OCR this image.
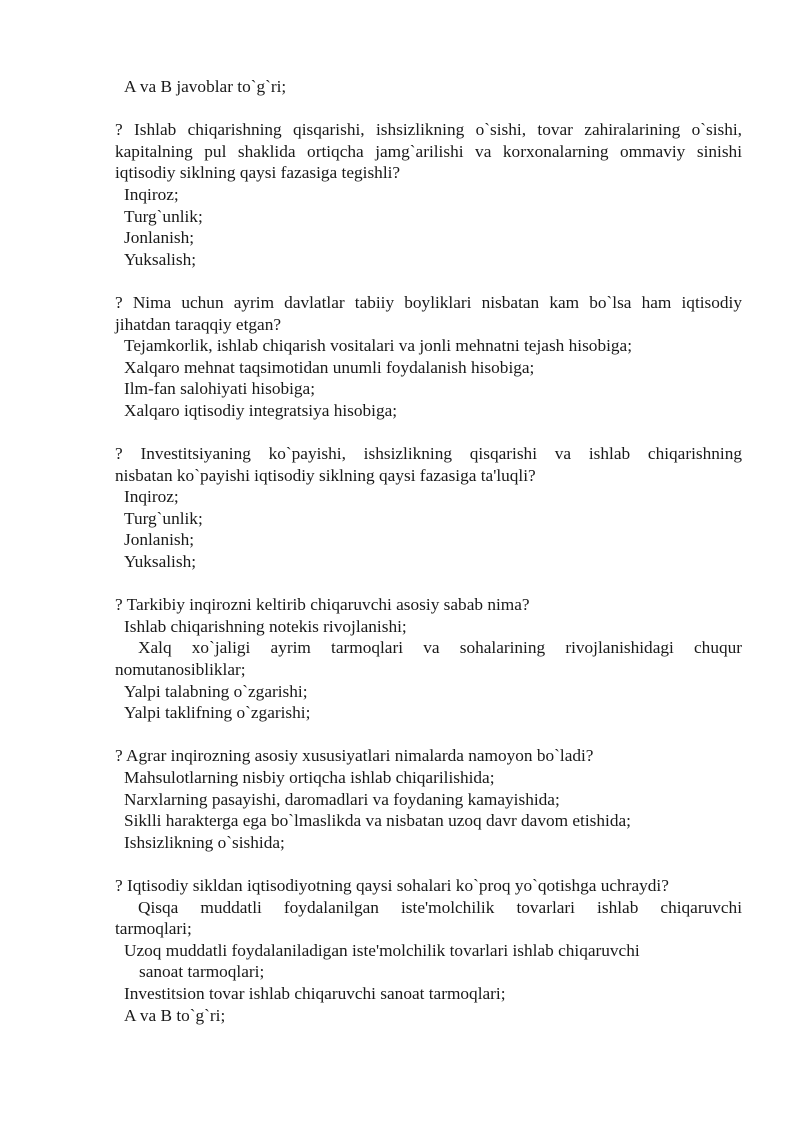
A va B javoblar to`g`ri;

? Ishlab chiqarishning qisqarishi, ishsizlikning o`sishi, tovar zahiralarining o`sishi,

kapitalning pul shaklida ortiqcha jamg`arilishi va korxonalarning ommaviy sinishi

iqtisodiy siklning qaysi fazasiga tegishli?

Inqiroz;

Turg`unlik;

Jonlanish;

Yuksalish;

? Nima uchun ayrim davlatlar tabiiy boyliklari nisbatan kam bo`lsa ham iqtisodiy

jihatdan taraqqiy etgan?

Tejamkorlik, ishlab chiqarish vositalari va jonli mehnatni tejash hisobiga;

Xalqaro mehnat taqsimotidan unumli foydalanish hisobiga;

Ilm-fan salohiyati hisobiga;

Xalqaro iqtisodiy integratsiya hisobiga;

? Investitsiyaning ko`payishi, ishsizlikning qisqarishi va ishlab chiqarishning

nisbatan ko`payishi iqtisodiy siklning qaysi fazasiga ta'luqli?

Inqiroz;

Turg`unlik;

Jonlanish;

Yuksalish;

? Tarkibiy inqirozni keltirib chiqaruvchi asosiy sabab nima?

Ishlab chiqarishning notekis rivojlanishi;

Xalq xo`jaligi ayrim tarmoqlari va sohalarining rivojlanishidagi chuqur

nomutanosibliklar;

Yalpi talabning o`zgarishi;

Yalpi taklifning o`zgarishi;

? Agrar inqirozning asosiy xususiyatlari nimalarda namoyon bo`ladi?

Mahsulotlarning nisbiy ortiqcha ishlab chiqarilishida;

Narxlarning pasayishi, daromadlari va foydaning kamayishida;

Siklli harakterga ega bo`lmaslikda va nisbatan uzoq davr davom etishida;

Ishsizlikning o`sishida;

? Iqtisodiy sikldan iqtisodiyotning qaysi sohalari ko`proq yo`qotishga uchraydi?

Qisqa muddatli foydalanilgan iste'molchilik tovarlari ishlab chiqaruvchi

tarmoqlari;

Uzoq muddatli foydalaniladigan iste'molchilik tovarlari ishlab chiqaruvchi

sanoat tarmoqlari;

Investitsion tovar ishlab chiqaruvchi sanoat tarmoqlari;

A va B to`g`ri;
